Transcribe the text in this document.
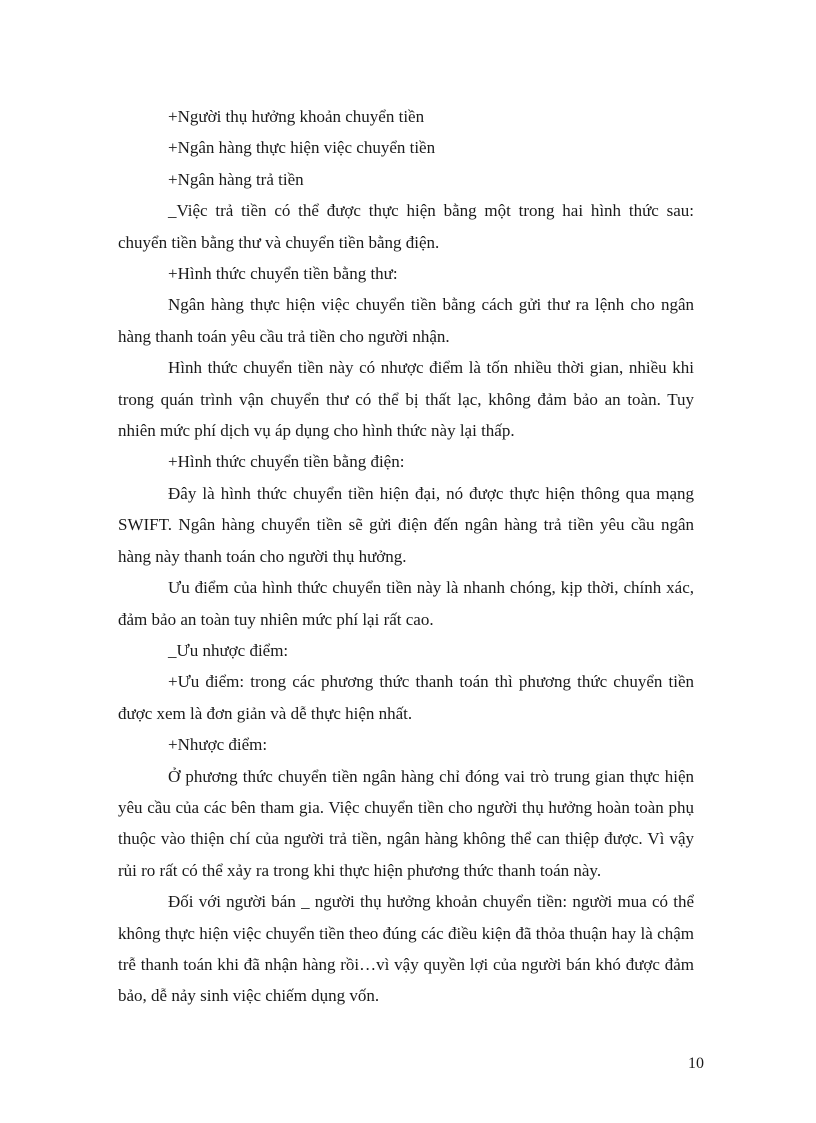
+Người thụ hưởng khoản chuyển tiền

+Ngân hàng thực hiện việc chuyển tiền

+Ngân hàng trả tiền

_Việc trả tiền có thể được thực hiện bằng một trong hai hình thức sau: chuyển tiền bằng thư và chuyển tiền bằng điện.

+Hình thức chuyển tiền bằng thư:

Ngân hàng thực hiện việc chuyển tiền bằng cách gửi thư ra lệnh cho ngân hàng thanh toán yêu cầu trả tiền cho người nhận.

Hình thức chuyển tiền này có nhược điểm là tốn nhiều thời gian, nhiều khi trong quán trình vận chuyển thư có thể bị thất lạc, không đảm bảo an toàn. Tuy nhiên mức phí dịch vụ áp dụng cho hình thức này lại thấp.

+Hình thức chuyển tiền bằng điện:

Đây là hình thức chuyển tiền hiện đại, nó được thực hiện thông qua mạng SWIFT. Ngân hàng chuyển tiền sẽ gửi điện đến ngân hàng trả tiền yêu cầu ngân hàng này thanh toán cho người thụ hưởng.

Ưu điểm của hình thức chuyển tiền này là nhanh chóng, kịp thời, chính xác, đảm bảo an toàn tuy nhiên mức phí lại rất cao.

_Ưu nhược điểm:

+Ưu điểm: trong các phương thức thanh toán thì phương thức chuyển tiền được xem là đơn giản và dễ thực hiện nhất.

+Nhược điểm:

Ở phương thức chuyển tiền ngân hàng chỉ đóng vai trò trung gian thực hiện yêu cầu của các bên tham gia. Việc chuyển tiền cho người thụ hưởng hoàn toàn phụ thuộc vào thiện chí của người trả tiền, ngân hàng không thể can thiệp được. Vì vậy rủi ro rất có thể xảy ra trong khi thực hiện phương thức thanh toán này.

Đối với người bán _ người thụ hưởng khoản chuyển tiền: người mua có thể không thực hiện việc chuyển tiền theo đúng các điều kiện đã thỏa thuận hay là chậm trễ thanh toán khi đã nhận hàng rồi…vì vậy quyền lợi của người bán khó được đảm bảo, dễ nảy sinh việc chiếm dụng vốn.

10
